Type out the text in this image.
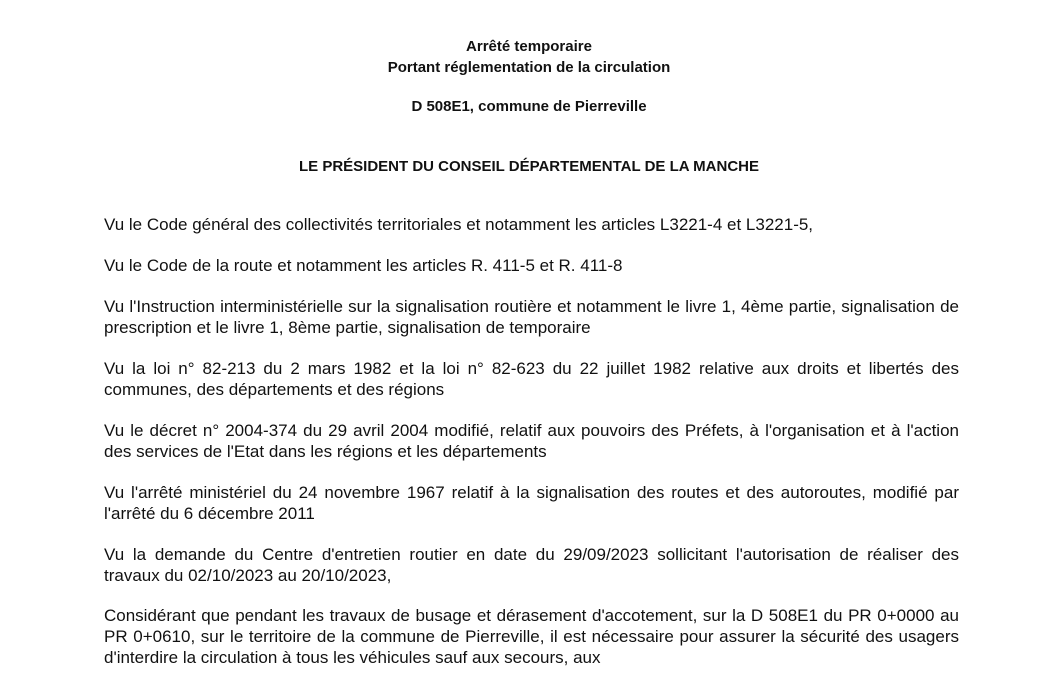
Arrêté temporaire
Portant réglementation de la circulation
D 508E1, commune de Pierreville
LE PRÉSIDENT DU CONSEIL DÉPARTEMENTAL DE LA MANCHE

Vu le Code général des collectivités territoriales et notamment les articles L3221-4 et L3221-5,

Vu le Code de la route et notamment les articles R. 411-5 et R. 411-8

Vu l'Instruction interministérielle sur la signalisation routière et notamment le livre 1, 4ème partie, signalisation de prescription et le livre 1, 8ème partie, signalisation de temporaire

Vu la loi n° 82-213 du 2 mars 1982 et la loi n° 82-623 du 22 juillet 1982 relative aux droits et libertés des communes, des départements et des régions

Vu le décret n° 2004-374 du 29 avril 2004 modifié, relatif aux pouvoirs des Préfets, à l'organisation et à l'action des services de l'Etat dans les régions et les départements

Vu l'arrêté ministériel du 24 novembre 1967 relatif à la signalisation des routes et des autoroutes, modifié par l'arrêté du 6 décembre 2011

Vu la demande du Centre d'entretien routier en date du 29/09/2023 sollicitant l'autorisation de réaliser des travaux du 02/10/2023 au 20/10/2023,

Considérant que pendant les travaux de busage et dérasement d'accotement, sur la D 508E1 du PR 0+0000 au PR 0+0610, sur le territoire de la commune de Pierreville, il est nécessaire pour assurer la sécurité des usagers d'interdire la circulation à tous les véhicules sauf aux secours, aux
